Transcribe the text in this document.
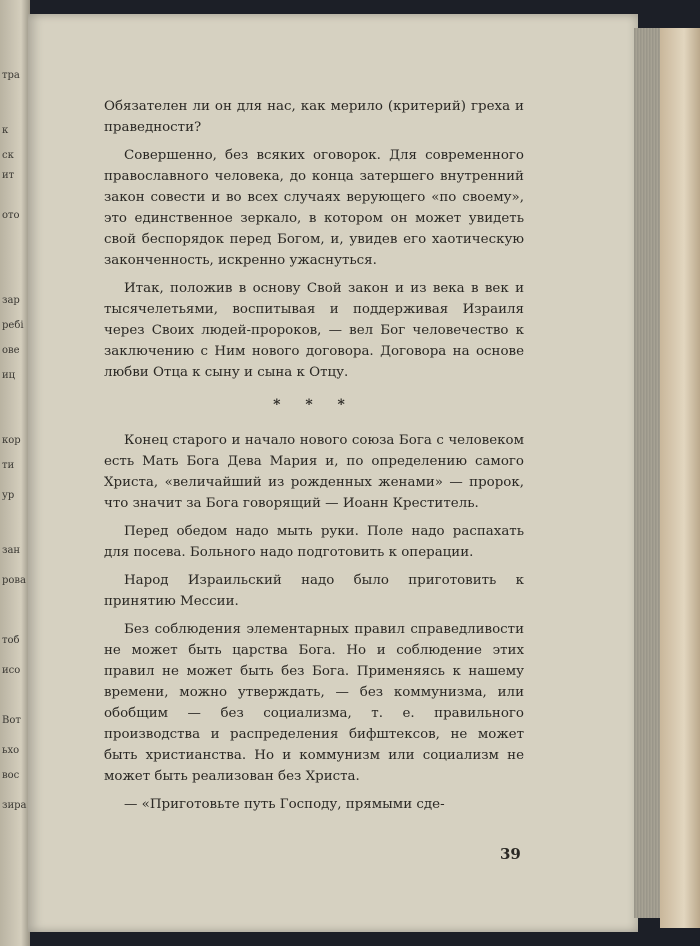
тра
к
ск
ит
ото
зар
ребі
ове
иц
кор
ти
ур
зан
рова
тоб
исо
Вот
ьхо
вос
зира

Обязателен ли он для нас, как мерило (критерий) греха и праведности?

Совершенно, без всяких оговорок. Для современного православного человека, до конца затершего внутренний закон совести и во всех случаях верующего «по своему», это единственное зеркало, в котором он может увидеть свой беспорядок перед Богом, и, увидев его хаотическую законченность, искренно ужаснуться.

Итак, положив в основу Свой закон и из века в век и тысячелетьями, воспитывая и поддерживая Израиля через Своих людей-пророков, — вел Бог человечество к заключению с Ним нового договора. Договора на основе любви Отца к сыну и сына к Отцу.

* * *

Конец старого и начало нового союза Бога с человеком есть Мать Бога Дева Мария и, по определению самого Христа, «величайший из рожденных женами» — пророк, что значит за Бога говорящий — Иоанн Креститель.

Перед обедом надо мыть руки. Поле надо распахать для посева. Больного надо подготовить к операции.

Народ Израильский надо было приготовить к принятию Мессии.

Без соблюдения элементарных правил справедливости не может быть царства Бога. Но и соблюдение этих правил не может быть без Бога. Применяясь к нашему времени, можно утверждать, — без коммунизма, или обобщим — без социализма, т. е. правильного производства и распределения бифштексов, не может быть христианства. Но и коммунизм или социализм не может быть реализован без Христа.

— «Приготовьте путь Господу, прямыми сде-

39
